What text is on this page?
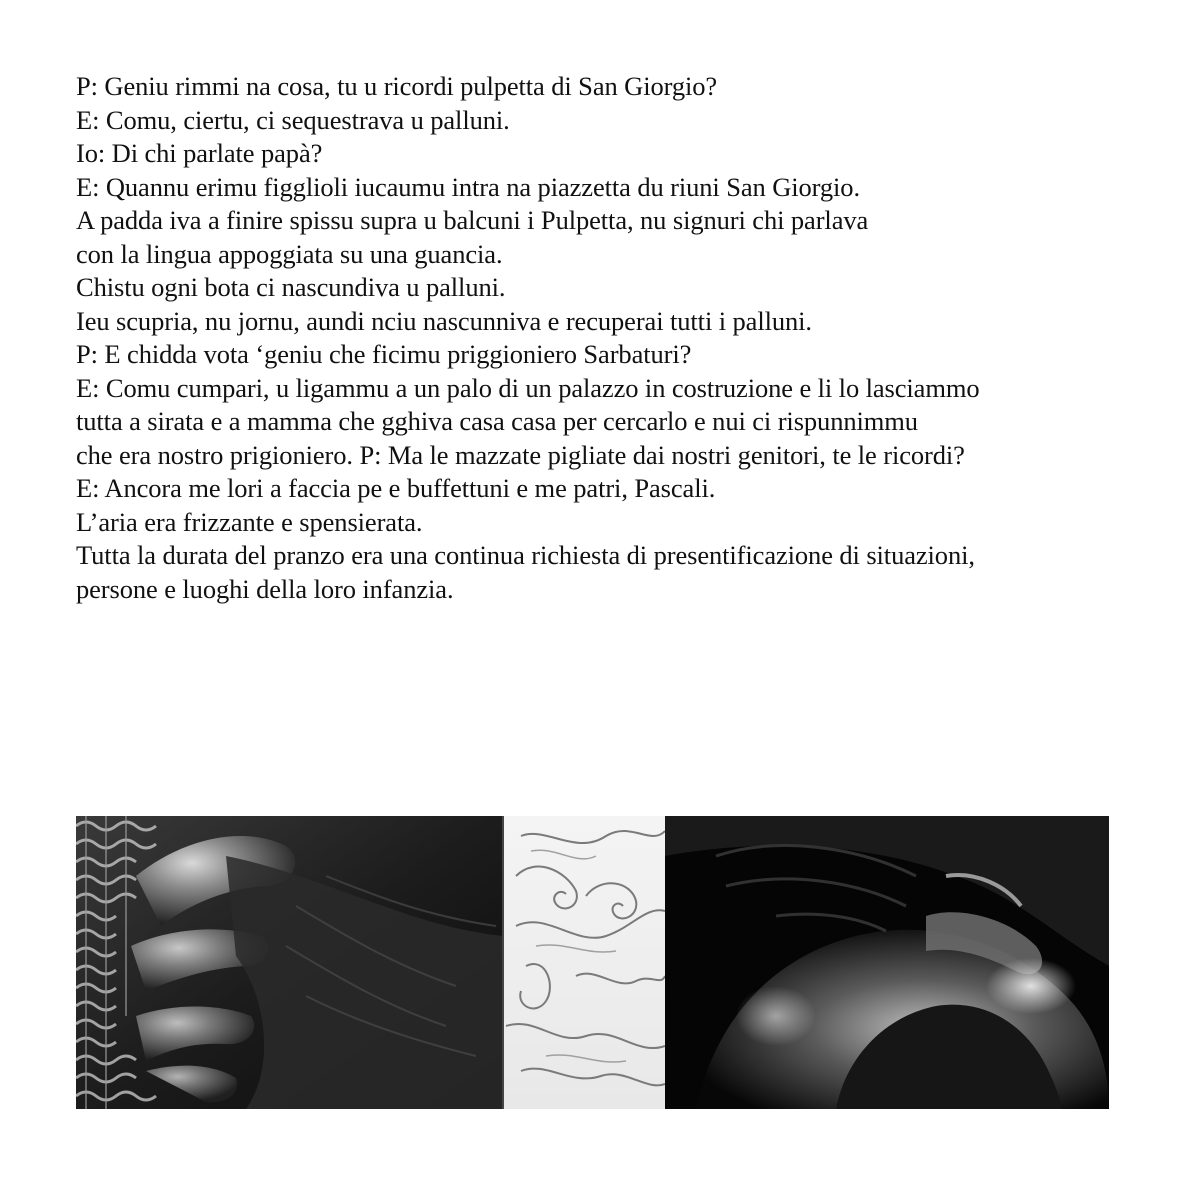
P: Geniu rimmi na cosa, tu u ricordi pulpetta di San Giorgio?
E: Comu, ciertu, ci sequestrava u palluni.
Io: Di chi parlate papà?
E: Quannu erimu figglioli iucaumu intra na piazzetta du riuni San Giorgio.
A padda iva a finire spissu supra u balcuni i Pulpetta, nu signuri chi parlava
con la lingua appoggiata su una guancia.
Chistu ogni bota ci nascundiva u palluni.
Ieu scupria, nu jornu, aundi nciu nascunniva e recuperai tutti i palluni.
P: E chidda vota ‘geniu che ficimu priggioniero Sarbaturi?
E: Comu cumpari, u ligammu a un palo di un palazzo in costruzione e li lo lasciammo
tutta a sirata e a mamma che gghiva casa casa per cercarlo e nui ci rispunnimmu
che era nostro prigioniero. P: Ma le mazzate pigliate dai nostri genitori, te le ricordi?
E: Ancora me lori a faccia pe e buffettuni e me patri, Pascali.
L’aria era frizzante e spensierata.
Tutta la durata del pranzo era una continua richiesta di presentificazione di situazioni,
persone e luoghi della loro infanzia.
